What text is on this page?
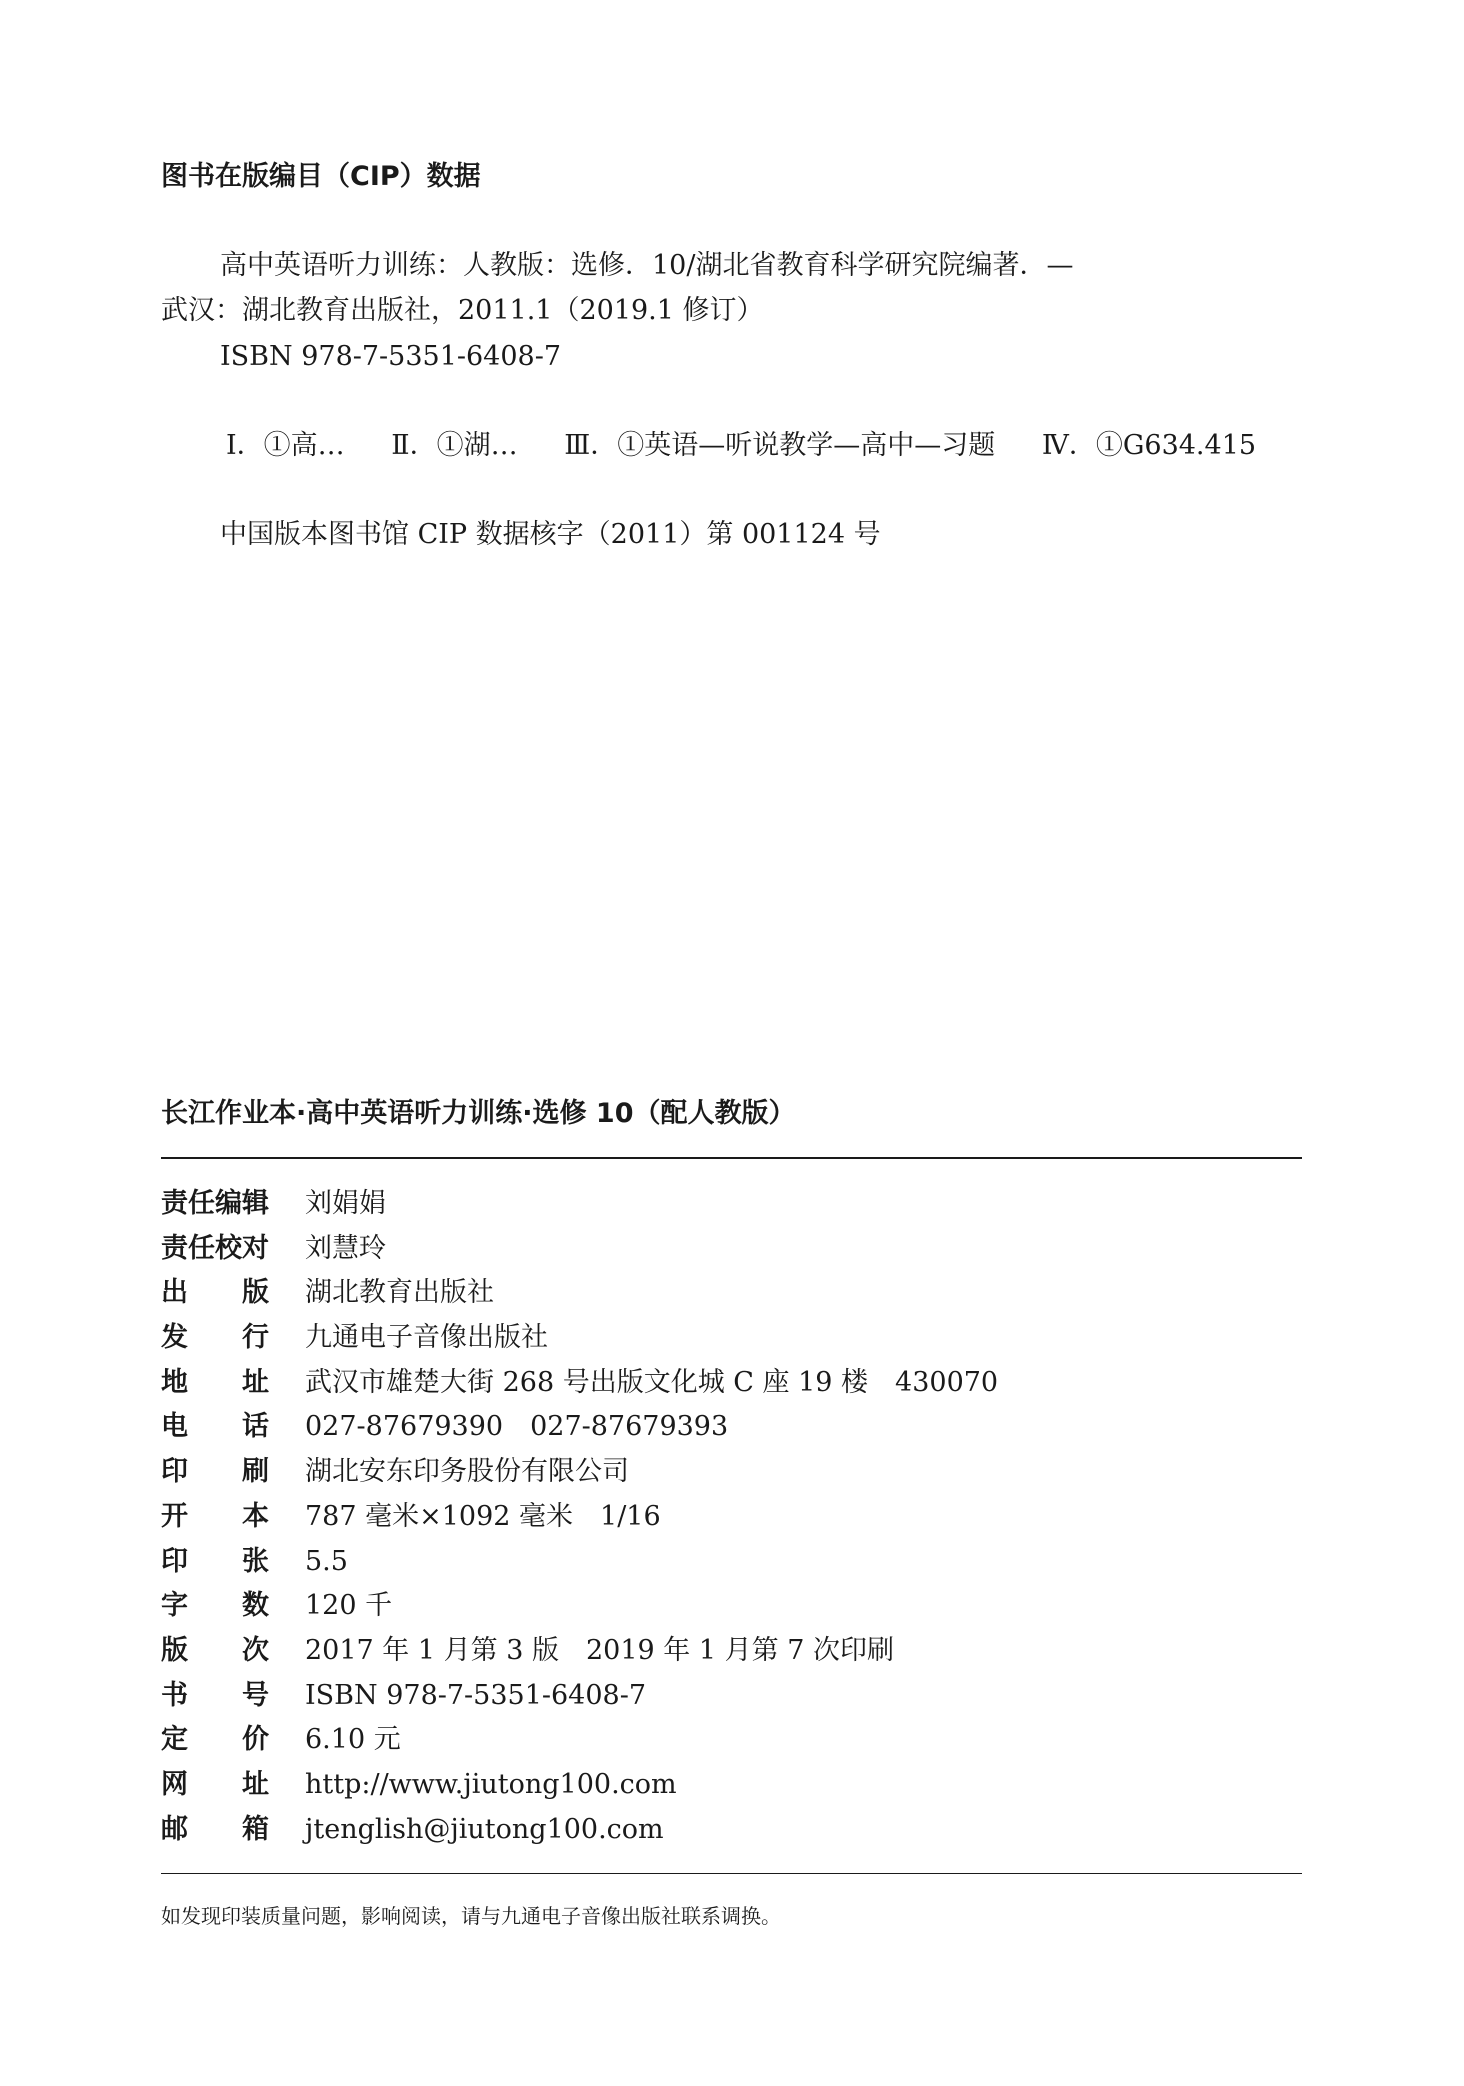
图书在版编目（CIP）数据
高中英语听力训练：人教版：选修．10/湖北省教育科学研究院编著．—
武汉：湖北教育出版社，2011.1（2019.1 修订）
ISBN 978-7-5351-6408-7
Ⅰ．①高… Ⅱ．①湖… Ⅲ．①英语—听说教学—高中—习题 Ⅳ．①G634.415
中国版本图书馆 CIP 数据核字（2011）第 001124 号
长江作业本·高中英语听力训练·选修 10（配人教版）
责任编辑 刘娟娟
责任校对 刘慧玲
出　　版 湖北教育出版社
发　　行 九通电子音像出版社
地　　址 武汉市雄楚大街 268 号出版文化城 C 座 19 楼　430070
电　　话 027-87679390　027-87679393
印　　刷 湖北安东印务股份有限公司
开　　本 787 毫米×1092 毫米　1/16
印　　张 5.5
字　　数 120 千
版　　次 2017 年 1 月第 3 版　2019 年 1 月第 7 次印刷
书　　号 ISBN 978-7-5351-6408-7
定　　价 6.10 元
网　　址 http://www.jiutong100.com
邮　　箱 jtenglish@jiutong100.com
如发现印装质量问题，影响阅读，请与九通电子音像出版社联系调换。
